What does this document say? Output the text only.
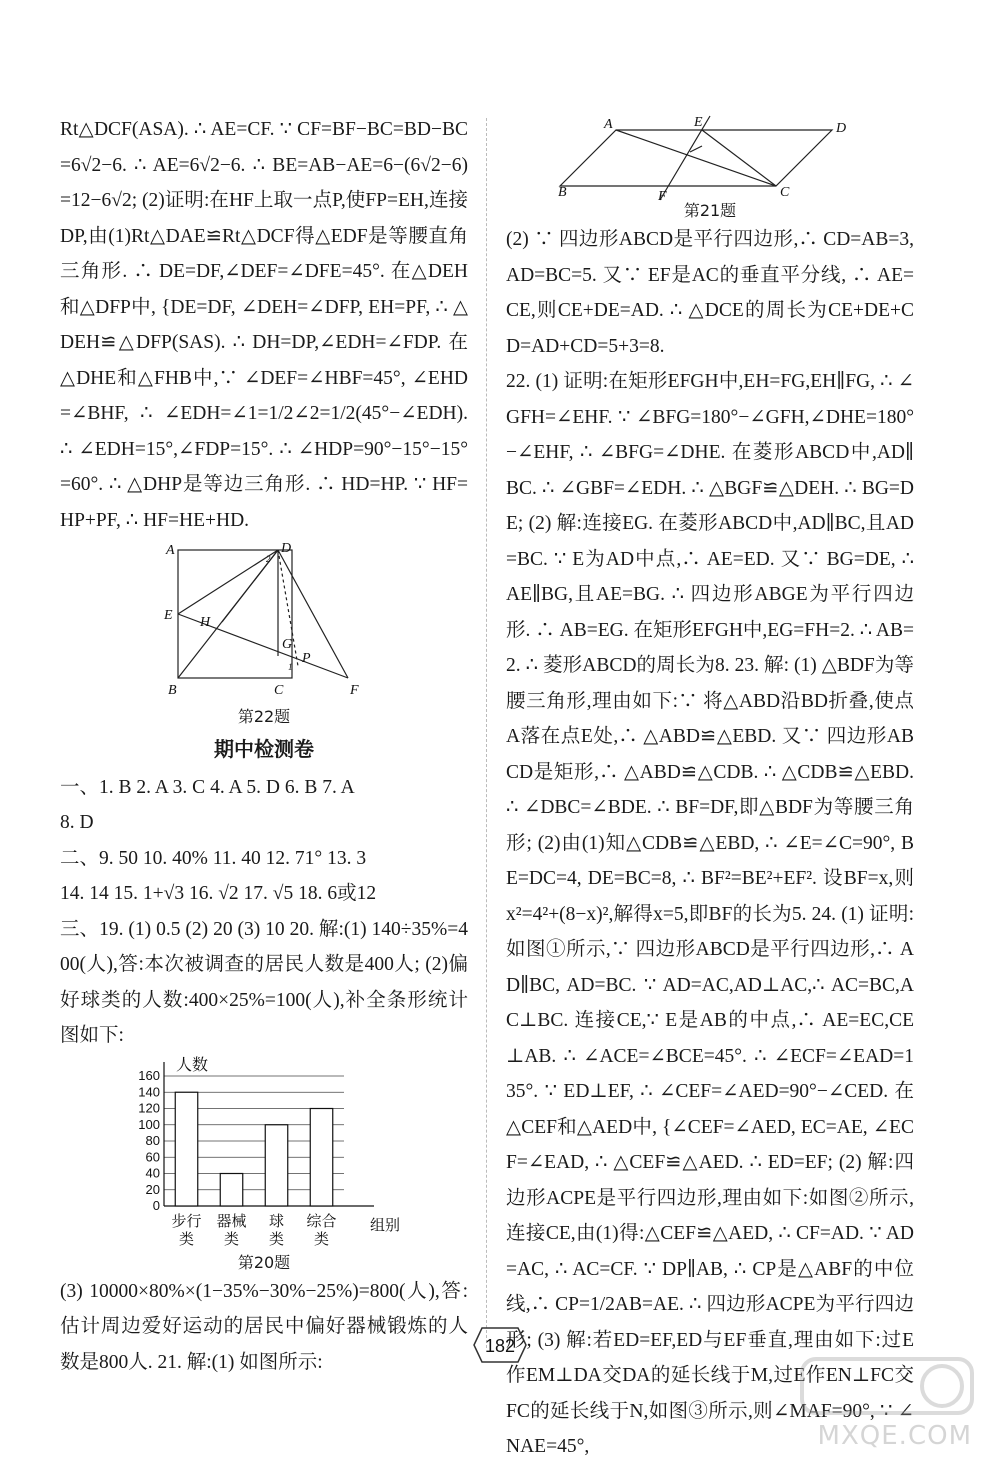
Rt△DCF(ASA). ∴ AE=CF. ∵ CF=BF−BC=BD−BC=6√2−6. ∴ AE=6√2−6. ∴ BE=AB−AE=6−(6√2−6)=12−6√2; (2)证明:在HF上取一点P,使FP=EH,连接DP,由(1)Rt△DAE≌Rt△DCF得△EDF是等腰直角三角形. ∴ DE=DF,∠DEF=∠DFE=45°. 在△DEH和△DFP中, {DE=DF, ∠DEH=∠DFP, EH=PF, ∴ △DEH≌△DFP(SAS). ∴ DH=DP,∠EDH=∠FDP. 在△DHE和△FHB中,∵ ∠DEF=∠HBF=45°, ∠EHD=∠BHF, ∴ ∠EDH=∠1=1/2∠2=1/2(45°−∠EDH). ∴ ∠EDH=15°,∠FDP=15°. ∴ ∠HDP=90°−15°−15°=60°. ∴ △DHP是等边三角形. ∴ HD=HP. ∵ HF=HP+PF, ∴ HF=HE+HD.
A	D
E H
G
P
B	C	F
2
1
第22题
期中检测卷
一、1. B 2. A 3. C 4. A 5. D 6. B 7. A
8. D
二、9. 50 10. 40% 11. 40 12. 71° 13. 3
14. 14 15. 1+√3 16. √2 17. √5 18. 6或12
三、19. (1) 0.5 (2) 20 (3) 10 20. 解:(1) 140÷35%=400(人),答:本次被调查的居民人数是400人; (2)偏好球类的人数:400×25%=100(人),补全条形统计图如下:
0
20
40
60
80
100
120
140
160
人数
组别
步行
类
器械
类
球
类
综合
类
第20题
(3) 10000×80%×(1−35%−30%−25%)=800(人),答:估计周边爱好运动的居民中偏好器械锻炼的人数是800人. 21. 解:(1) 如图所示:
A	E	D
B	F	C
第21题
(2) ∵ 四边形ABCD是平行四边形,∴ CD=AB=3,AD=BC=5. 又∵ EF是AC的垂直平分线, ∴ AE=CE,则CE+DE=AD. ∴ △DCE的周长为CE+DE+CD=AD+CD=5+3=8.
22. (1) 证明:在矩形EFGH中,EH=FG,EH∥FG, ∴ ∠GFH=∠EHF. ∵ ∠BFG=180°−∠GFH,∠DHE=180°−∠EHF, ∴ ∠BFG=∠DHE. 在菱形ABCD中,AD∥BC. ∴ ∠GBF=∠EDH. ∴ △BGF≌△DEH. ∴ BG=DE; (2) 解:连接EG. 在菱形ABCD中,AD∥BC,且AD=BC. ∵ E为AD中点,∴ AE=ED. 又∵ BG=DE, ∴ AE∥BG,且AE=BG. ∴ 四边形ABGE为平行四边形. ∴ AB=EG. 在矩形EFGH中,EG=FH=2. ∴ AB=2. ∴ 菱形ABCD的周长为8. 23. 解: (1) △BDF为等腰三角形,理由如下:∵ 将△ABD沿BD折叠,使点A落在点E处,∴ △ABD≌△EBD. 又∵ 四边形ABCD是矩形,∴ △ABD≌△CDB. ∴ △CDB≌△EBD. ∴ ∠DBC=∠BDE. ∴ BF=DF,即△BDF为等腰三角形; (2)由(1)知△CDB≌△EBD, ∴ ∠E=∠C=90°, BE=DC=4, DE=BC=8, ∴ BF²=BE²+EF². 设BF=x,则x²=4²+(8−x)²,解得x=5,即BF的长为5. 24. (1) 证明:如图①所示,∵ 四边形ABCD是平行四边形,∴ AD∥BC, AD=BC. ∵ AD=AC,AD⊥AC,∴ AC=BC,AC⊥BC. 连接CE,∵ E是AB的中点,∴ AE=EC,CE⊥AB. ∴ ∠ACE=∠BCE=45°. ∴ ∠ECF=∠EAD=135°. ∵ ED⊥EF, ∴ ∠CEF=∠AED=90°−∠CED. 在△CEF和△AED中, {∠CEF=∠AED, EC=AE, ∠ECF=∠EAD, ∴ △CEF≌△AED. ∴ ED=EF; (2) 解:四边形ACPE是平行四边形,理由如下:如图②所示,连接CE,由(1)得:△CEF≌△AED, ∴ CF=AD. ∵ AD=AC, ∴ AC=CF. ∵ DP∥AB, ∴ CP是△ABF的中位线,∴ CP=1/2AB=AE. ∴ 四边形ACPE为平行四边形; (3) 解:若ED=EF,ED与EF垂直,理由如下:过E作EM⊥DA交DA的延长线于M,过E作EN⊥FC交FC的延长线于N,如图③所示,则∠MAF=90°, ∵ ∠NAE=45°,
182
MXQE.COM
